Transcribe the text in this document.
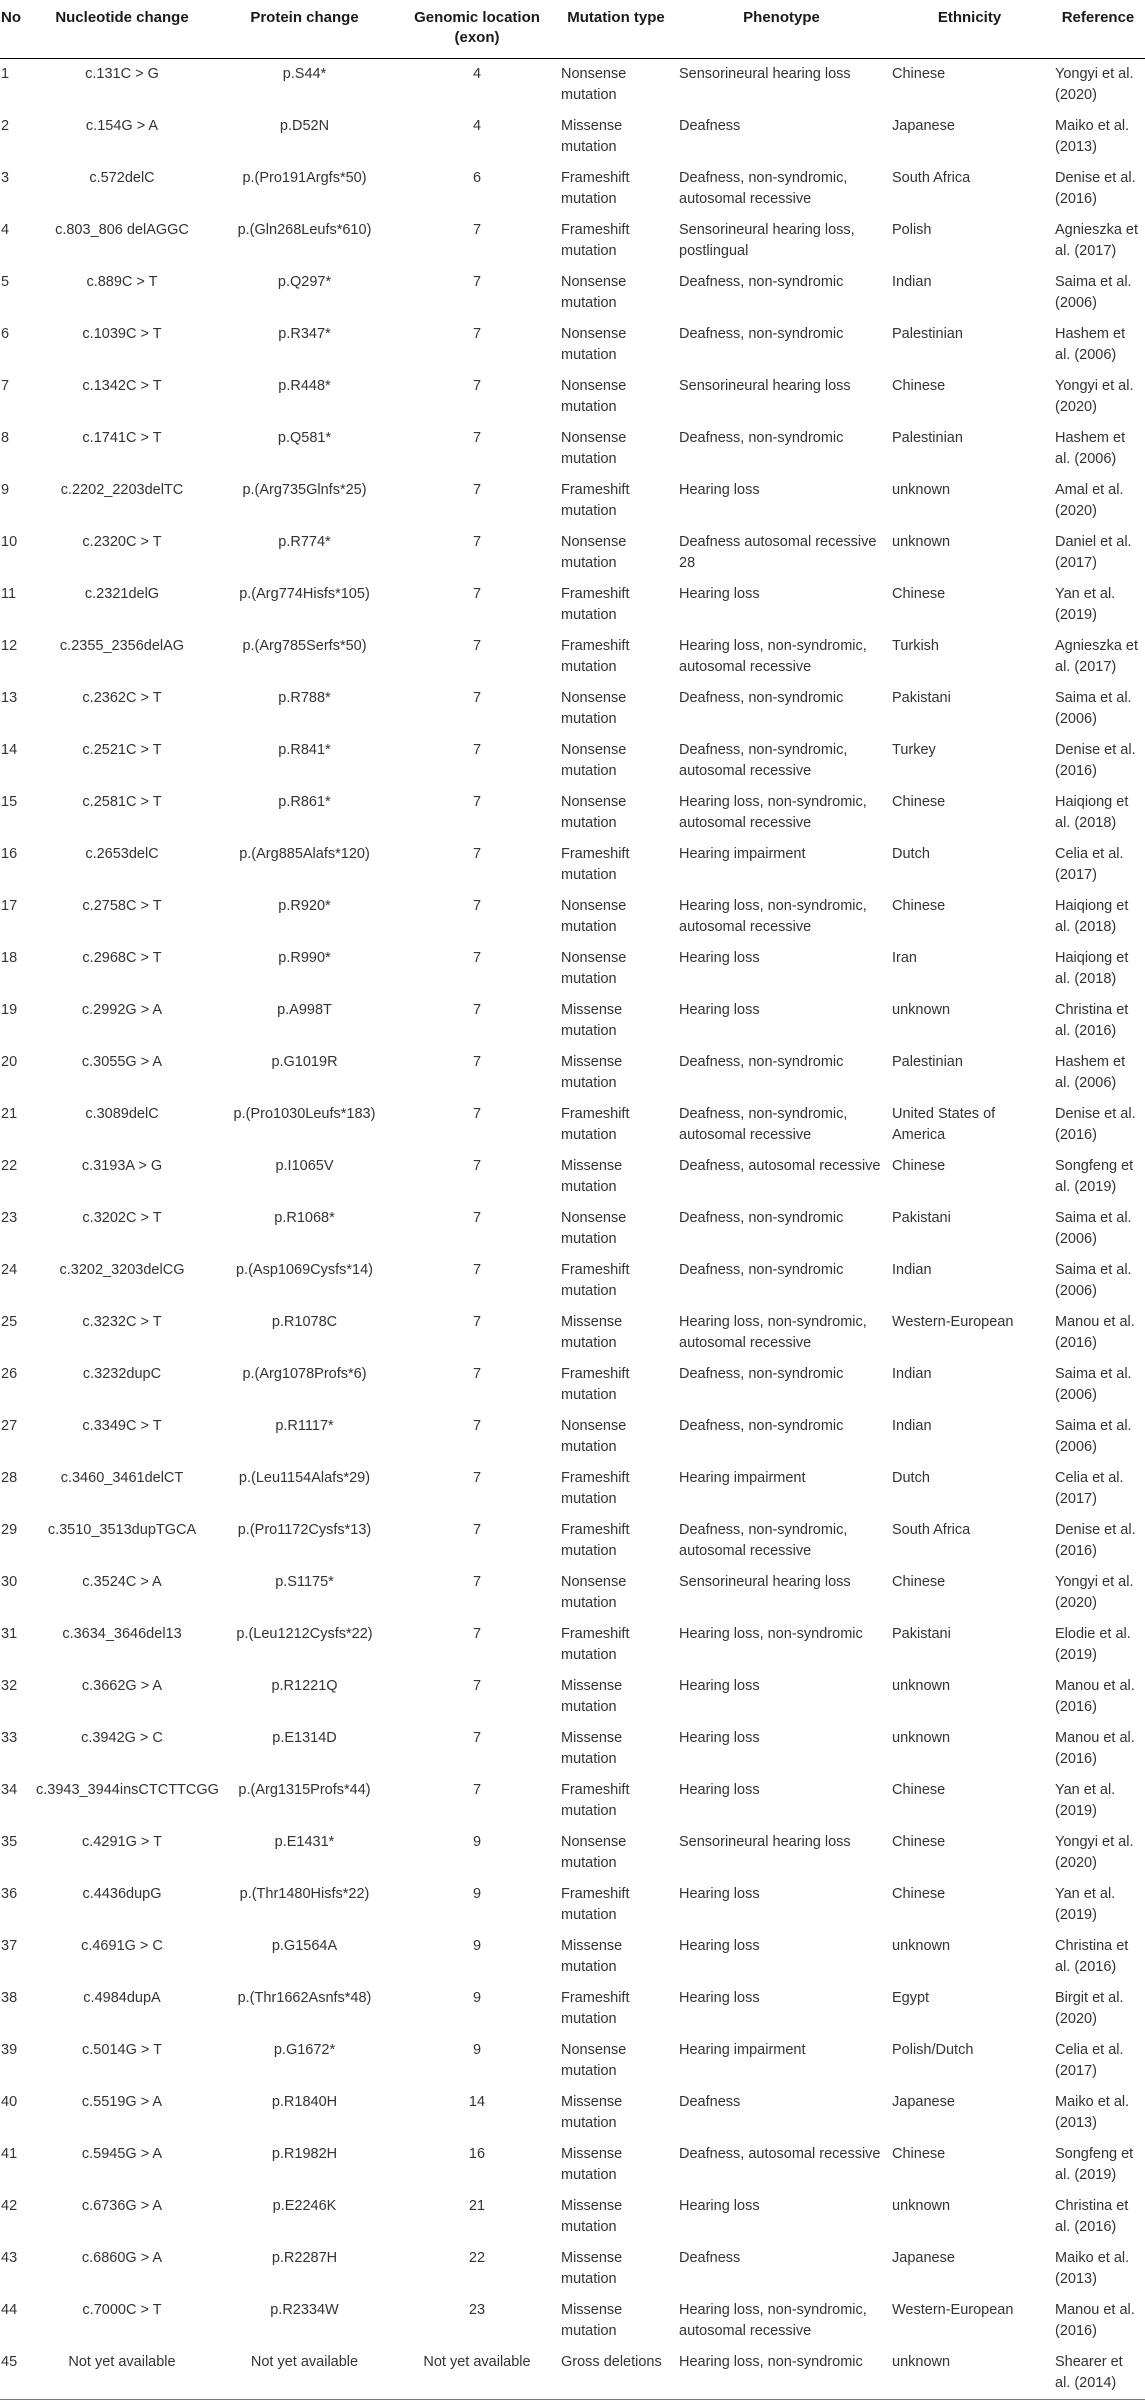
No	Nucleotide change	Protein change	Genomic location (exon)	Mutation type	Phenotype	Ethnicity	Reference
1	c.131C > G	p.S44*	4	Nonsense mutation	Sensorineural hearing loss	Chinese	Yongyi et al. (2020)
2	c.154G > A	p.D52N	4	Missense mutation	Deafness	Japanese	Maiko et al. (2013)
3	c.572delC	p.(Pro191Argfs*50)	6	Frameshift mutation	Deafness, non-syndromic, autosomal recessive	South Africa	Denise et al. (2016)
4	c.803_806 delAGGC	p.(Gln268Leufs*610)	7	Frameshift mutation	Sensorineural hearing loss, postlingual	Polish	Agnieszka et al. (2017)
5	c.889C > T	p.Q297*	7	Nonsense mutation	Deafness, non-syndromic	Indian	Saima et al. (2006)
6	c.1039C > T	p.R347*	7	Nonsense mutation	Deafness, non-syndromic	Palestinian	Hashem et al. (2006)
7	c.1342C > T	p.R448*	7	Nonsense mutation	Sensorineural hearing loss	Chinese	Yongyi et al. (2020)
8	c.1741C > T	p.Q581*	7	Nonsense mutation	Deafness, non-syndromic	Palestinian	Hashem et al. (2006)
9	c.2202_2203delTC	p.(Arg735Glnfs*25)	7	Frameshift mutation	Hearing loss	unknown	Amal et al. (2020)
10	c.2320C > T	p.R774*	7	Nonsense mutation	Deafness autosomal recessive 28	unknown	Daniel et al. (2017)
11	c.2321delG	p.(Arg774Hisfs*105)	7	Frameshift mutation	Hearing loss	Chinese	Yan et al. (2019)
12	c.2355_2356delAG	p.(Arg785Serfs*50)	7	Frameshift mutation	Hearing loss, non-syndromic, autosomal recessive	Turkish	Agnieszka et al. (2017)
13	c.2362C > T	p.R788*	7	Nonsense mutation	Deafness, non-syndromic	Pakistani	Saima et al. (2006)
14	c.2521C > T	p.R841*	7	Nonsense mutation	Deafness, non-syndromic, autosomal recessive	Turkey	Denise et al. (2016)
15	c.2581C > T	p.R861*	7	Nonsense mutation	Hearing loss, non-syndromic, autosomal recessive	Chinese	Haiqiong et al. (2018)
16	c.2653delC	p.(Arg885Alafs*120)	7	Frameshift mutation	Hearing impairment	Dutch	Celia et al. (2017)
17	c.2758C > T	p.R920*	7	Nonsense mutation	Hearing loss, non-syndromic, autosomal recessive	Chinese	Haiqiong et al. (2018)
18	c.2968C > T	p.R990*	7	Nonsense mutation	Hearing loss	Iran	Haiqiong et al. (2018)
19	c.2992G > A	p.A998T	7	Missense mutation	Hearing loss	unknown	Christina et al. (2016)
20	c.3055G > A	p.G1019R	7	Missense mutation	Deafness, non-syndromic	Palestinian	Hashem et al. (2006)
21	c.3089delC	p.(Pro1030Leufs*183)	7	Frameshift mutation	Deafness, non-syndromic, autosomal recessive	United States of America	Denise et al. (2016)
22	c.3193A > G	p.I1065V	7	Missense mutation	Deafness, autosomal recessive	Chinese	Songfeng et al. (2019)
23	c.3202C > T	p.R1068*	7	Nonsense mutation	Deafness, non-syndromic	Pakistani	Saima et al. (2006)
24	c.3202_3203delCG	p.(Asp1069Cysfs*14)	7	Frameshift mutation	Deafness, non-syndromic	Indian	Saima et al. (2006)
25	c.3232C > T	p.R1078C	7	Missense mutation	Hearing loss, non-syndromic, autosomal recessive	Western-European	Manou et al. (2016)
26	c.3232dupC	p.(Arg1078Profs*6)	7	Frameshift mutation	Deafness, non-syndromic	Indian	Saima et al. (2006)
27	c.3349C > T	p.R1117*	7	Nonsense mutation	Deafness, non-syndromic	Indian	Saima et al. (2006)
28	c.3460_3461delCT	p.(Leu1154Alafs*29)	7	Frameshift mutation	Hearing impairment	Dutch	Celia et al. (2017)
29	c.3510_3513dupTGCA	p.(Pro1172Cysfs*13)	7	Frameshift mutation	Deafness, non-syndromic, autosomal recessive	South Africa	Denise et al. (2016)
30	c.3524C > A	p.S1175*	7	Nonsense mutation	Sensorineural hearing loss	Chinese	Yongyi et al. (2020)
31	c.3634_3646del13	p.(Leu1212Cysfs*22)	7	Frameshift mutation	Hearing loss, non-syndromic	Pakistani	Elodie et al. (2019)
32	c.3662G > A	p.R1221Q	7	Missense mutation	Hearing loss	unknown	Manou et al. (2016)
33	c.3942G > C	p.E1314D	7	Missense mutation	Hearing loss	unknown	Manou et al. (2016)
34	c.3943_3944insCTCTTCGG	p.(Arg1315Profs*44)	7	Frameshift mutation	Hearing loss	Chinese	Yan et al. (2019)
35	c.4291G > T	p.E1431*	9	Nonsense mutation	Sensorineural hearing loss	Chinese	Yongyi et al. (2020)
36	c.4436dupG	p.(Thr1480Hisfs*22)	9	Frameshift mutation	Hearing loss	Chinese	Yan et al. (2019)
37	c.4691G > C	p.G1564A	9	Missense mutation	Hearing loss	unknown	Christina et al. (2016)
38	c.4984dupA	p.(Thr1662Asnfs*48)	9	Frameshift mutation	Hearing loss	Egypt	Birgit et al. (2020)
39	c.5014G > T	p.G1672*	9	Nonsense mutation	Hearing impairment	Polish/Dutch	Celia et al. (2017)
40	c.5519G > A	p.R1840H	14	Missense mutation	Deafness	Japanese	Maiko et al. (2013)
41	c.5945G > A	p.R1982H	16	Missense mutation	Deafness, autosomal recessive	Chinese	Songfeng et al. (2019)
42	c.6736G > A	p.E2246K	21	Missense mutation	Hearing loss	unknown	Christina et al. (2016)
43	c.6860G > A	p.R2287H	22	Missense mutation	Deafness	Japanese	Maiko et al. (2013)
44	c.7000C > T	p.R2334W	23	Missense mutation	Hearing loss, non-syndromic, autosomal recessive	Western-European	Manou et al. (2016)
45	Not yet available	Not yet available	Not yet available	Gross deletions	Hearing loss, non-syndromic	unknown	Shearer et al. (2014)
